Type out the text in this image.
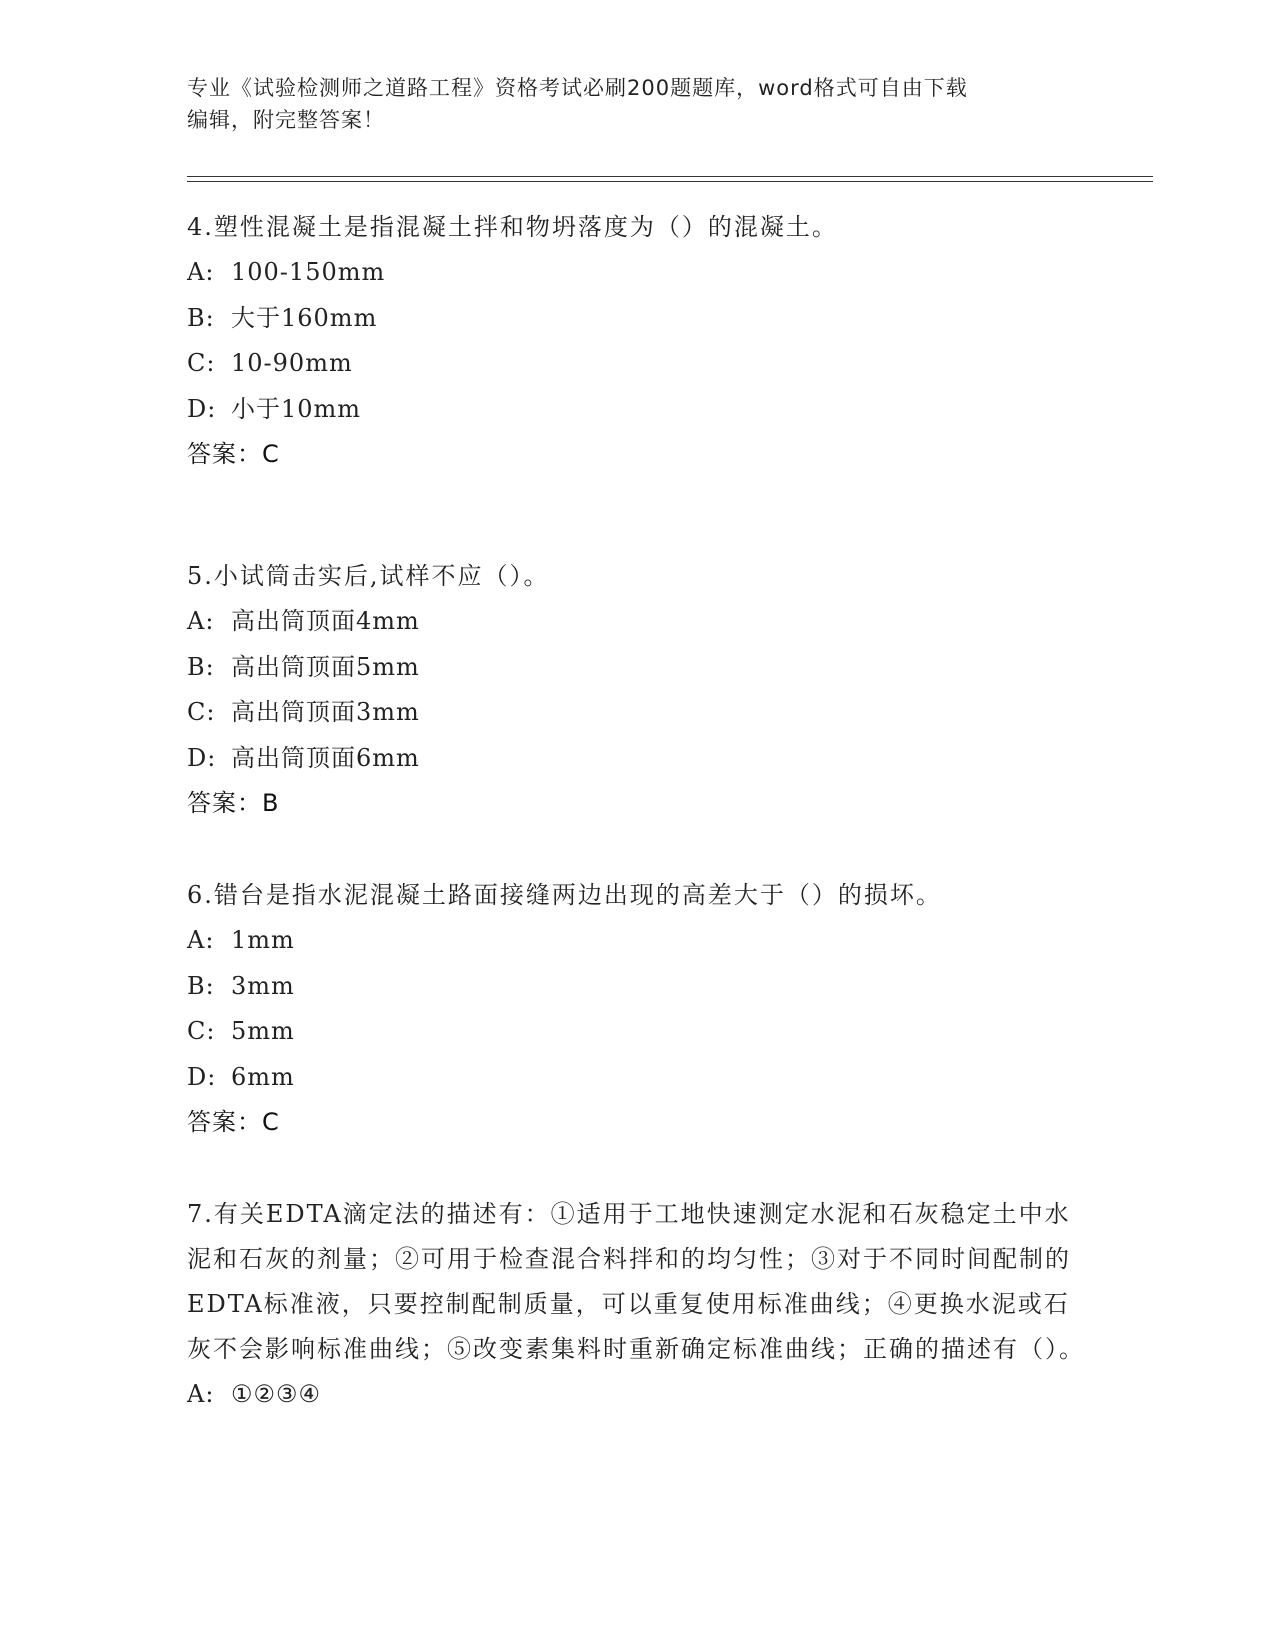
专业《试验检测师之道路工程》资格考试必刷200题题库，word格式可自由下载
编辑，附完整答案！
4.塑性混凝土是指混凝土拌和物坍落度为（）的混凝土。
A: 100-150mm
B: 大于160mm
C: 10-90mm
D: 小于10mm
答案：C
5.小试筒击实后,试样不应（）。
A: 高出筒顶面4mm
B: 高出筒顶面5mm
C: 高出筒顶面3mm
D: 高出筒顶面6mm
答案：B
6.错台是指水泥混凝土路面接缝两边出现的高差大于（）的损坏。
A: 1mm
B: 3mm
C: 5mm
D: 6mm
答案：C
7.有关EDTA滴定法的描述有：①适用于工地快速测定水泥和石灰稳定土中水泥和石灰的剂量；②可用于检查混合料拌和的均匀性；③对于不同时间配制的EDTA标准液，只要控制配制质量，可以重复使用标准曲线；④更换水泥或石灰不会影响标准曲线；⑤改变素集料时重新确定标准曲线；正确的描述有（）。
A: ①②③④
